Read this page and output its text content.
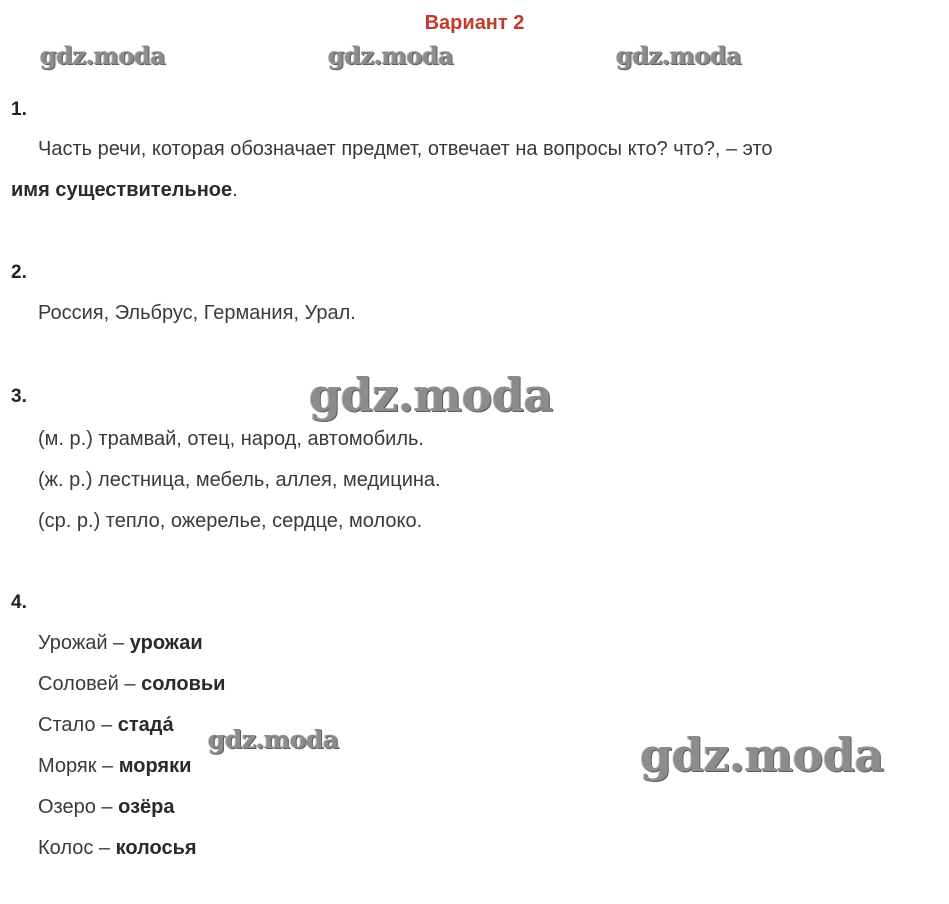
Вариант 2
gdz.moda	gdz.moda	gdz.moda
gdz.moda
gdz.moda	gdz.moda
1.
Часть речи, которая обозначает предмет, отвечает на вопросы кто? что?, – это
имя существительное.
2.
Россия, Эльбрус, Германия, Урал.
3.
(м. р.) трамвай, отец, народ, автомобиль.
(ж. р.) лестница, мебель, аллея, медицина.
(ср. р.) тепло, ожерелье, сердце, молоко.
4.
Урожай – урожаи
Соловей – соловьи
Стало – стада́
Моряк – моряки
Озеро – озёра
Колос – колосья
